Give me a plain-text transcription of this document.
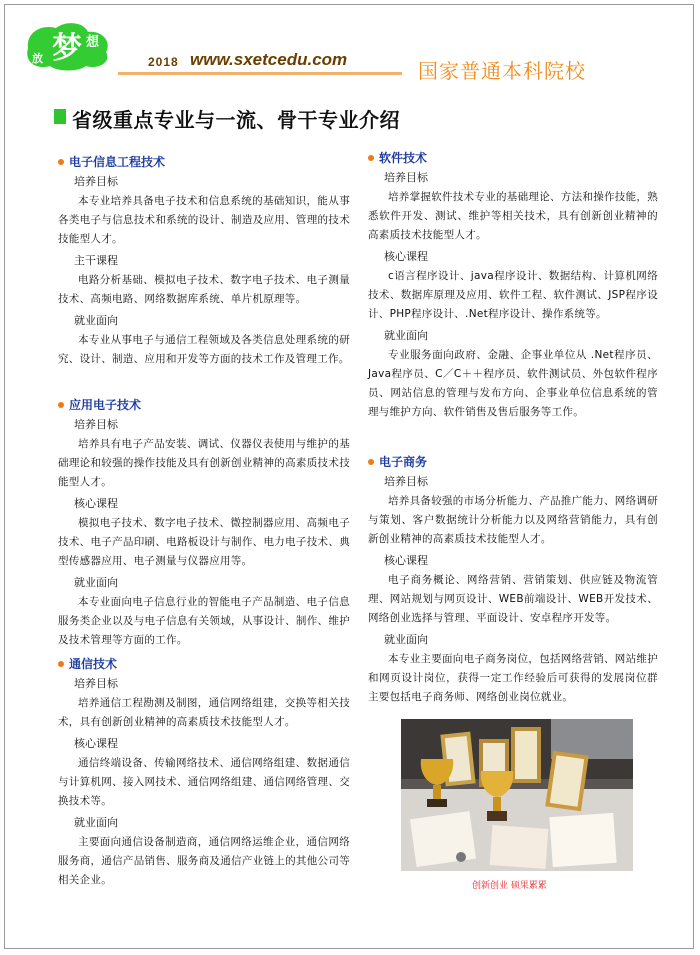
放 梦 想
2018 www.sxetcedu.com	国家普通本科院校
省级重点专业与一流、骨干专业介绍
电子信息工程技术
培养目标

本专业培养具备电子技术和信息系统的基础知识，能从事各类电子与信息技术和系统的设计、制造及应用、管理的技术技能型人才。

主干课程

电路分析基础、模拟电子技术、数字电子技术、电子测量技术、高频电路、网络数据库系统、单片机原理等。

就业面向

本专业从事电子与通信工程领域及各类信息处理系统的研究、设计、制造、应用和开发等方面的技术工作及管理工作。

应用电子技术
培养目标

培养具有电子产品安装、调试、仪器仪表使用与维护的基础理论和较强的操作技能及具有创新创业精神的高素质技术技能型人才。

核心课程

模拟电子技术、数字电子技术、微控制器应用、高频电子技术、电子产品印刷、电路板设计与制作、电力电子技术、典型传感器应用、电子测量与仪器应用等。

就业面向

本专业面向电子信息行业的智能电子产品制造、电子信息服务类企业以及与电子信息有关领域，从事设计、制作、维护及技术管理等方面的工作。

通信技术
培养目标

培养通信工程勘测及制图，通信网络组建，交换等相关技术，具有创新创业精神的高素质技术技能型人才。

核心课程

通信终端设备、传输网络技术、通信网络组建、数据通信与计算机网、接入网技术、通信网络组建、通信网络管理、交换技术等。

就业面向

主要面向通信设备制造商，通信网络运维企业，通信网络服务商，通信产品销售、服务商及通信产业链上的其他公司等相关企业。

软件技术
培养目标

培养掌握软件技术专业的基础理论、方法和操作技能，熟悉软件开发、测试、维护等相关技术，具有创新创业精神的高素质技术技能型人才。

核心课程

c语言程序设计、java程序设计、数据结构、计算机网络技术、数据库原理及应用、软件工程、软件测试、JSP程序设计、PHP程序设计、.Net程序设计、操作系统等。

就业面向

专业服务面向政府、金融、企事业单位从 .Net程序员、Java程序员、C／C＋＋程序员、软件测试员、外包软件程序员、网站信息的管理与发布方向、企事业单位信息系统的管理与维护方向、软件销售及售后服务等工作。

电子商务
培养目标

培养具备较强的市场分析能力、产品推广能力、网络调研与策划、客户数据统计分析能力以及网络营销能力，具有创新创业精神的高素质技术技能型人才。

核心课程

电子商务概论、网络营销、营销策划、供应链及物流管理、网站规划与网页设计、WEB前端设计、WEB开发技术、网络创业选择与管理、平面设计、安卓程序开发等。

就业面向

本专业主要面向电子商务岗位，包括网络营销、网站维护和网页设计岗位，获得一定工作经验后可获得的发展岗位群主要包括电子商务师、网络创业岗位就业。

创新创业 硕果累累
